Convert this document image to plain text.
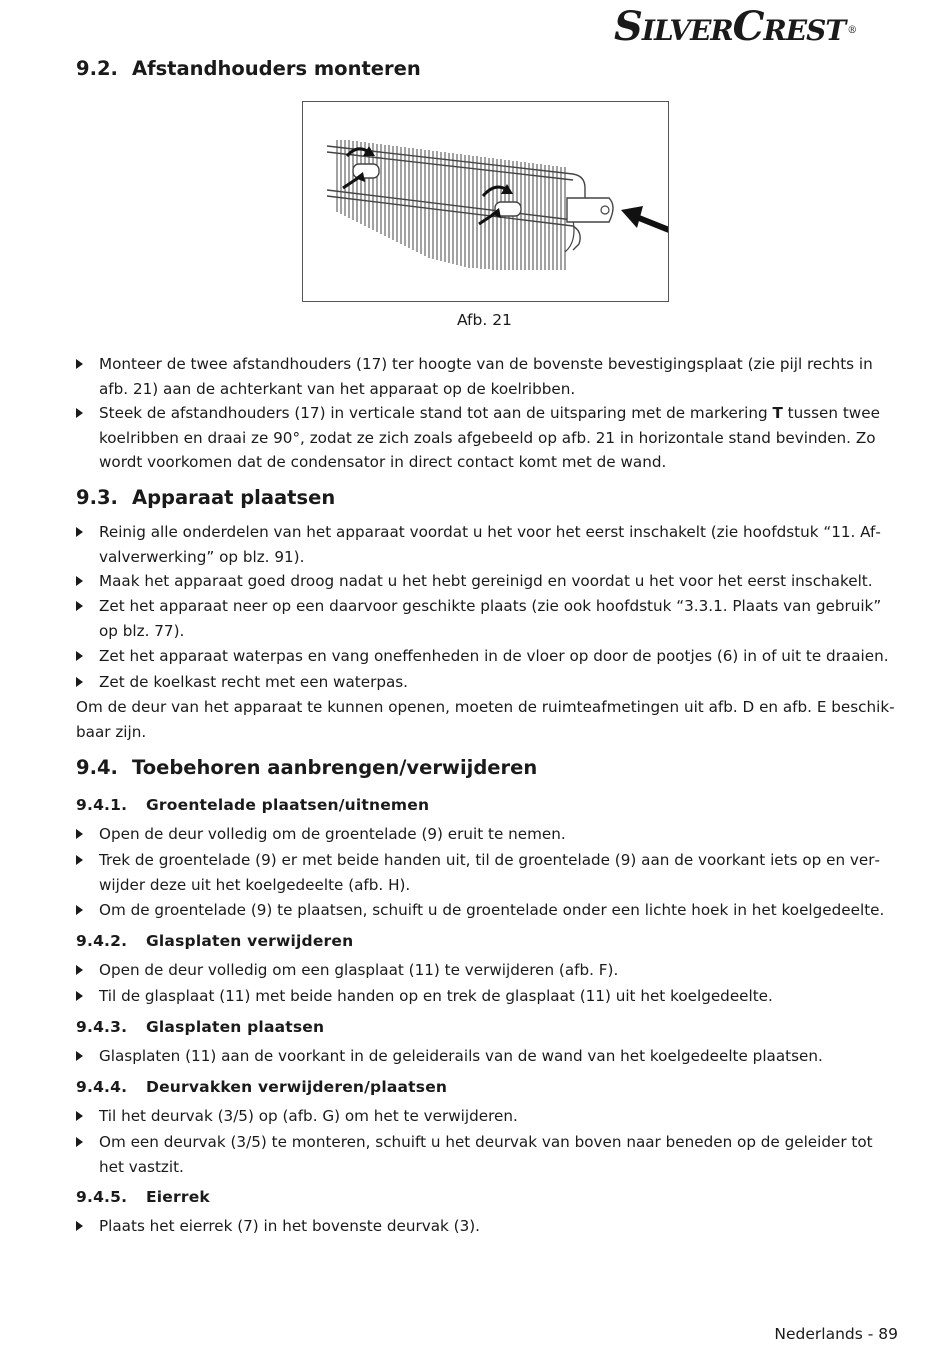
SilverCrest ®
9.2. Afstandhouders monteren
Afb. 21
Monteer de twee afstandhouders (17) ter hoogte van de bovenste bevestigingsplaat (zie pijl rechts in afb. 21) aan de achterkant van het apparaat op de koelribben.
Steek de afstandhouders (17) in verticale stand tot aan de uitsparing met de markering T tussen twee koelribben en draai ze 90°, zodat ze zich zoals afgebeeld op afb. 21 in horizontale stand bevinden. Zo wordt voorkomen dat de condensator in direct contact komt met de wand.
9.3. Apparaat plaatsen
Reinig alle onderdelen van het apparaat voordat u het voor het eerst inschakelt (zie hoofdstuk “11. Afvalverwerking” op blz. 91).
Maak het apparaat goed droog nadat u het hebt gereinigd en voordat u het voor het eerst inschakelt.
Zet het apparaat neer op een daarvoor geschikte plaats (zie ook hoofdstuk “3.3.1. Plaats van gebruik” op blz. 77).
Zet het apparaat waterpas en vang oneffenheden in de vloer op door de pootjes (6) in of uit te draaien.
Zet de koelkast recht met een waterpas.
Om de deur van het apparaat te kunnen openen, moeten de ruimteafmetingen uit afb. D en afb. E beschikbaar zijn.
9.4. Toebehoren aanbrengen/verwijderen
9.4.1. Groentelade plaatsen/uitnemen
Open de deur volledig om de groentelade (9) eruit te nemen.
Trek de groentelade (9) er met beide handen uit, til de groentelade (9) aan de voorkant iets op en verwijder deze uit het koelgedeelte (afb. H).
Om de groentelade (9) te plaatsen, schuift u de groentelade onder een lichte hoek in het koelgedeelte.
9.4.2. Glasplaten verwijderen
Open de deur volledig om een glasplaat (11) te verwijderen (afb. F).
Til de glasplaat (11) met beide handen op en trek de glasplaat (11) uit het koelgedeelte.
9.4.3. Glasplaten plaatsen
Glasplaten (11) aan de voorkant in de geleiderails van de wand van het koelgedeelte plaatsen.
9.4.4. Deurvakken verwijderen/plaatsen
Til het deurvak (3/5) op (afb. G) om het te verwijderen.
Om een deurvak (3/5) te monteren, schuift u het deurvak van boven naar beneden op de geleider tot het vastzit.
9.4.5. Eierrek
Plaats het eierrek (7) in het bovenste deurvak (3).
Nederlands - 89
